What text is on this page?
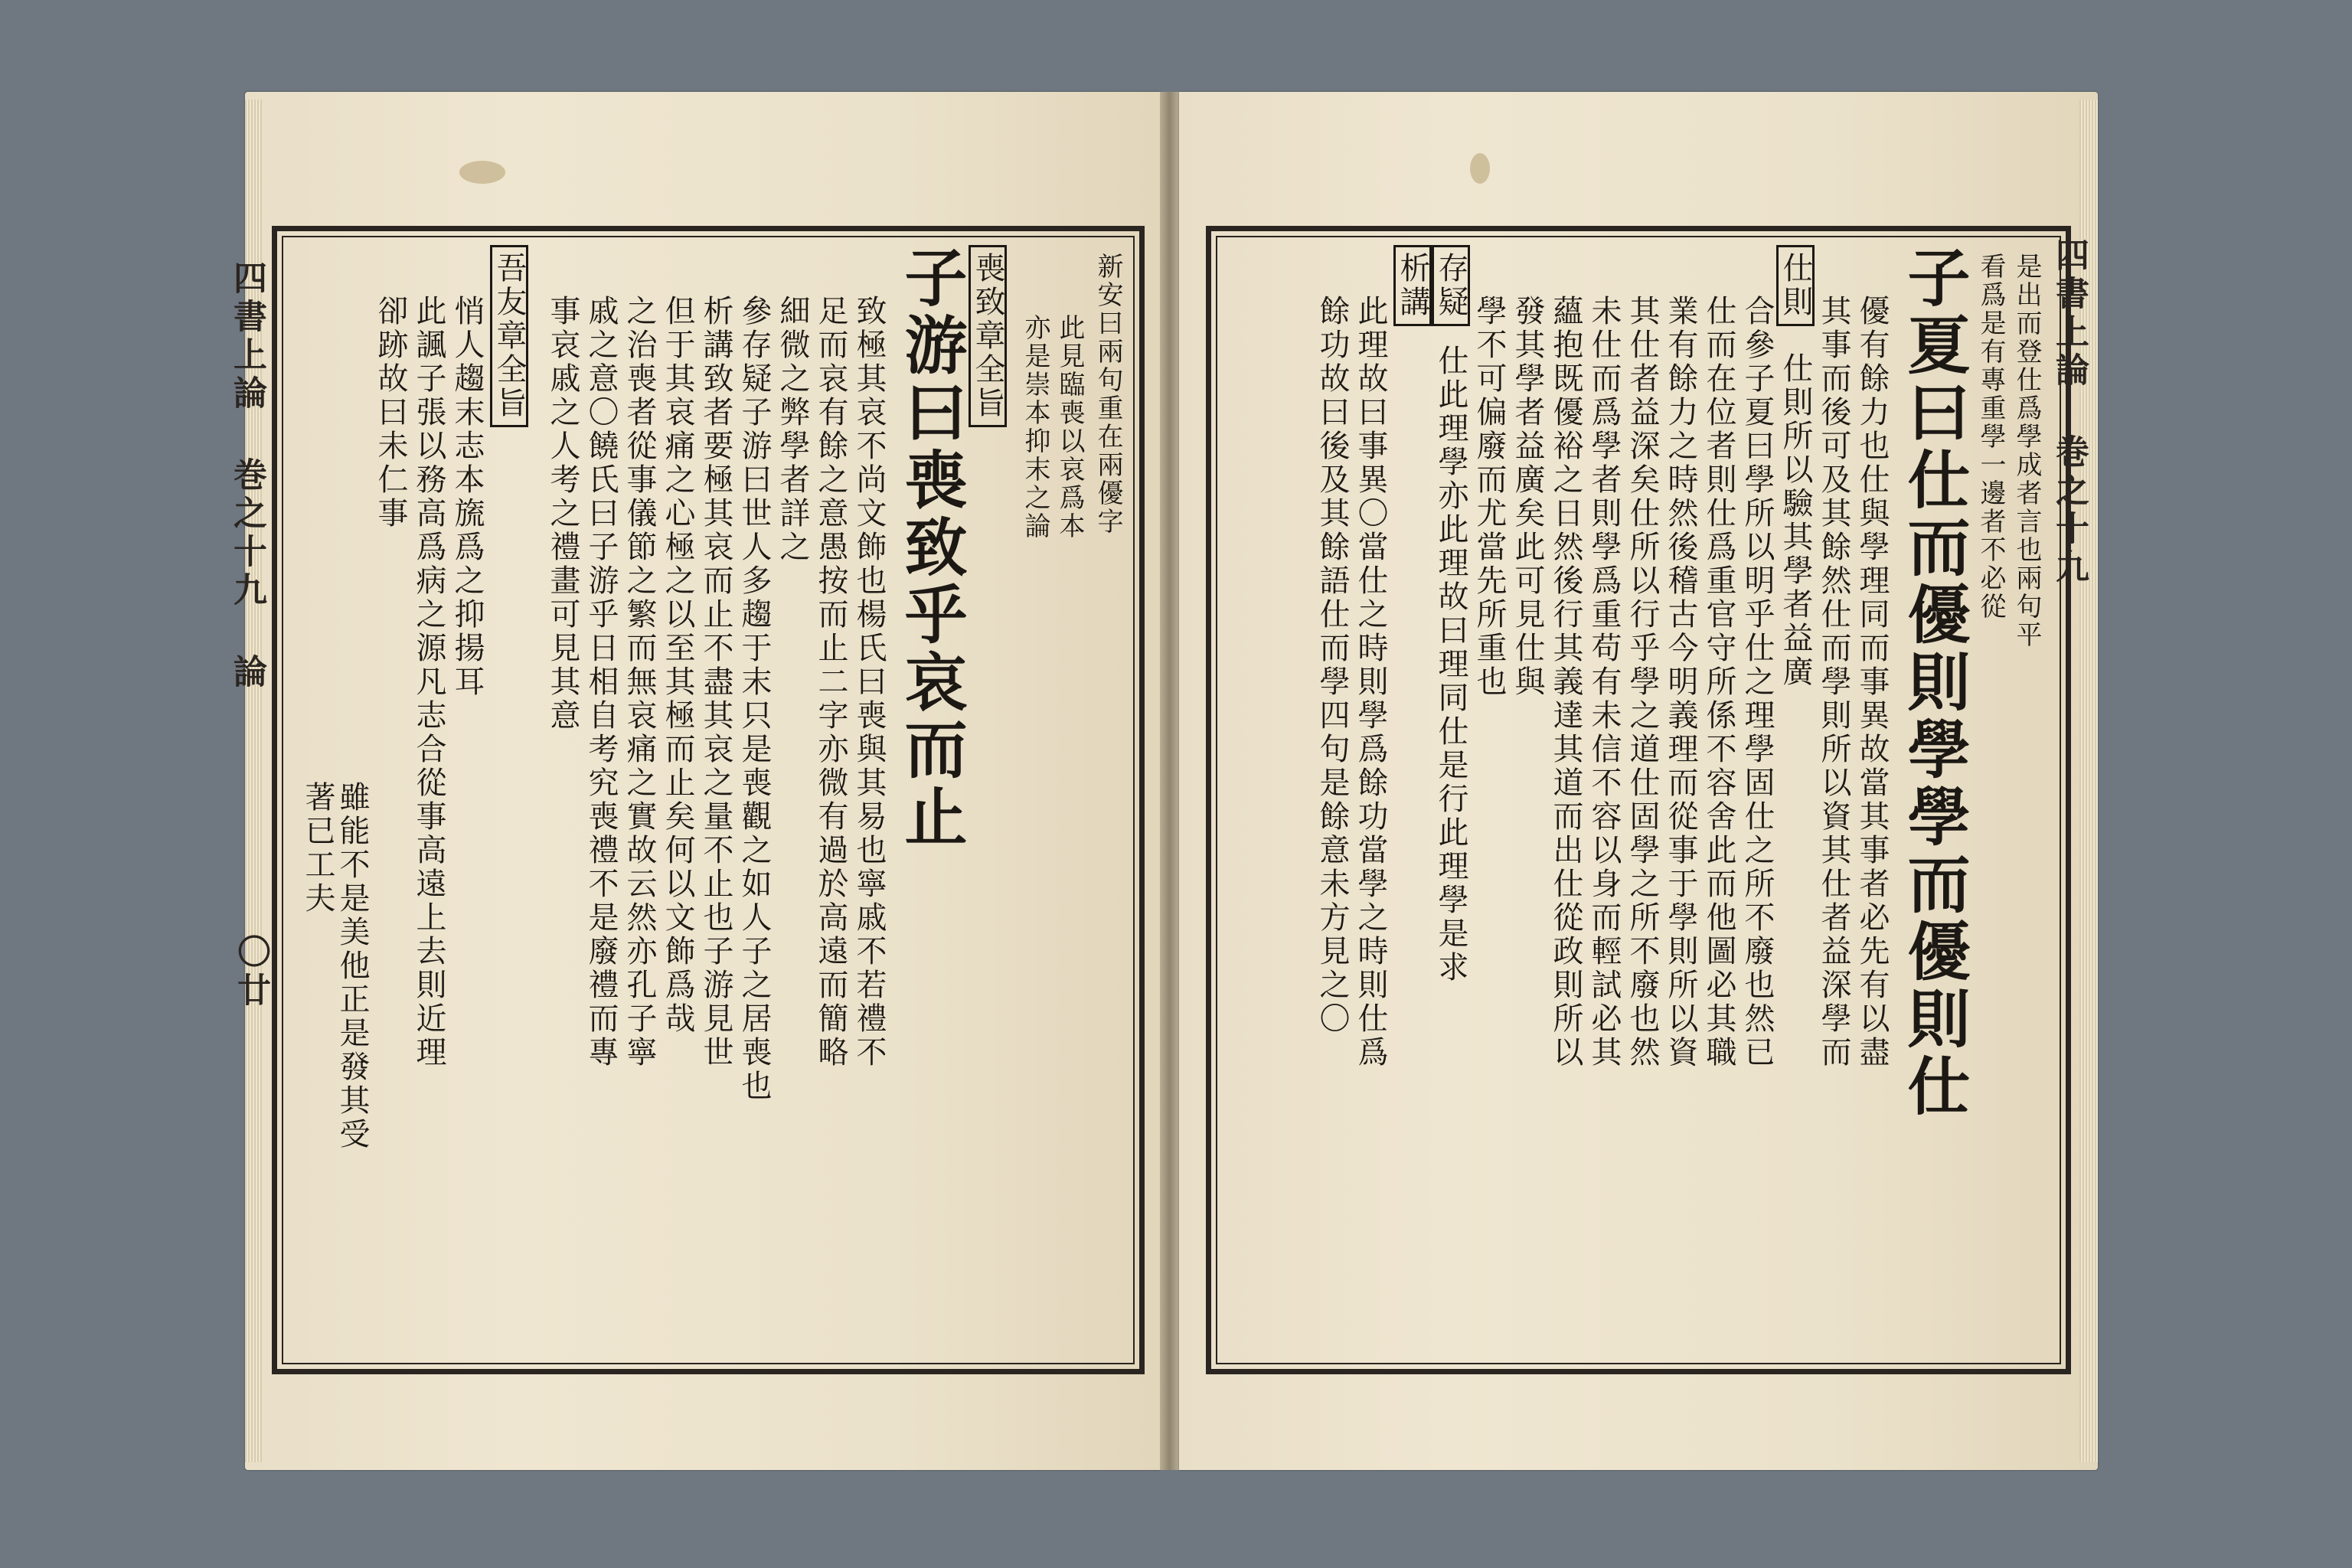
四書上論 巻之十九 論
〇廿
新安曰兩句重在兩優字
此見臨喪以哀爲本
亦是崇本抑末之論
喪致章全旨
子游曰喪致乎哀而止
致極其哀不尚文飾也楊氏曰喪與其易也寧戚不若禮不
足而哀有餘之意愚按而止二字亦微有過於高遠而簡略
細微之弊學者詳之
參存疑子游曰世人多趨于末只是喪觀之如人子之居喪也
析講致者要極其哀而止不盡其哀之量不止也子游見世
但于其哀痛之心極之以至其極而止矣何以文飾爲哉
之治喪者從事儀節之繁而無哀痛之實故云然亦孔子寧
戚之意〇饒氏曰子游乎日相自考究喪禮不是廢禮而專
事哀戚之人考之禮畫可見其意
吾友章全旨
悄人趨末志本旒爲之抑揚耳
此諷子張以務高爲病之源凡志合從事高遠上去則近理
卻跡故曰未仁事
雖能不是美他正是發其受
著已工夫
四書上論 巻之十九
是出而登仕爲學成者言也兩句平
看爲是有專重學一邊者不必從
子夏曰仕而優則學學而優則仕
優有餘力也仕與學理同而事異故當其事者必先有以盡
其事而後可及其餘然仕而學則所以資其仕者益深學而
仕則
仕則所以驗其學者益廣
合參子夏曰學所以明乎仕之理學固仕之所不廢也然已
仕而在位者則仕爲重官守所係不容舍此而他圖必其職
業有餘力之時然後稽古今明義理而從事于學則所以資
其仕者益深矣仕所以行乎學之道仕固學之所不廢也然
未仕而爲學者則學爲重苟有未信不容以身而輕試必其
蘊抱既優裕之日然後行其義達其道而出仕從政則所以
發其學者益廣矣此可見仕與
學不可偏廢而尤當先所重也
存疑
仕此理學亦此理故曰理同仕是行此理學是求
析講
此理故曰事異〇當仕之時則學爲餘功當學之時則仕爲
餘功故曰後及其餘語仕而學四句是餘意未方見之〇
